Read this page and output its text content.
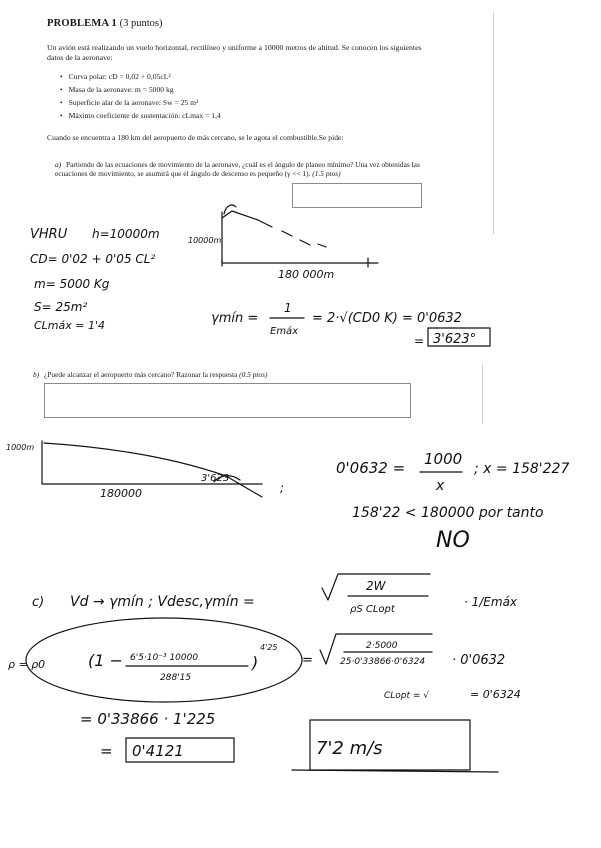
PROBLEMA 1 (3 puntos)
Un avión está realizando un vuelo horizontal, rectilíneo y uniforme a 10000 metros de altitud. Se conocen los siguientes datos de la aeronave:
• Curva polar: cD = 0,02 + 0,05cL²
• Masa de la aeronave: m = 5000 kg
• Superficie alar de la aeronave: Sw = 25 m²
• Máximo coeficiente de sustentación: cLmax = 1,4
Cuando se encuentra a 180 km del aeropuerto de más cercano, se le agota el combustible.Se pide:
a) Partiendo de las ecuaciones de movimiento de la aeronave, ¿cuál es el ángulo de planeo mínimo? Una vez obtenidas las ecuaciones de movimiento, se asumirá que el ángulo de descenso es pequeño (γ << 1). (1.5 ptos)
b) ¿Puede alcanzar el aeropuerto más cercano? Razonar la respuesta (0.5 ptos)
VHRU h=10000m
CD= 0'02 + 0'05 CL²
m= 5000 Kg
S= 25m²
CLmáx = 1'4
10000m
180 000m
γmín =
1
Emáx
= 2·√(CD0 K) = 0'0632
= 3'623°
1000m
3'623
180000	;
0'0632 = 1000
x
; x = 158'227
158'22 < 180000 por tanto
NO
c) Vd → γmín ; Vdesc,γmín =
2W
ρS CLopt
· 1/Emáx
ρ = ρ0	(1 − 6'5·10⁻³ 10000
288'15
)
4'25
=
2·5000
25·0'33866·0'6324 · 0'0632
CLopt = √	= 0'6324
= 0'33866 · 1'225
= 0'4121	7'2 m/s
